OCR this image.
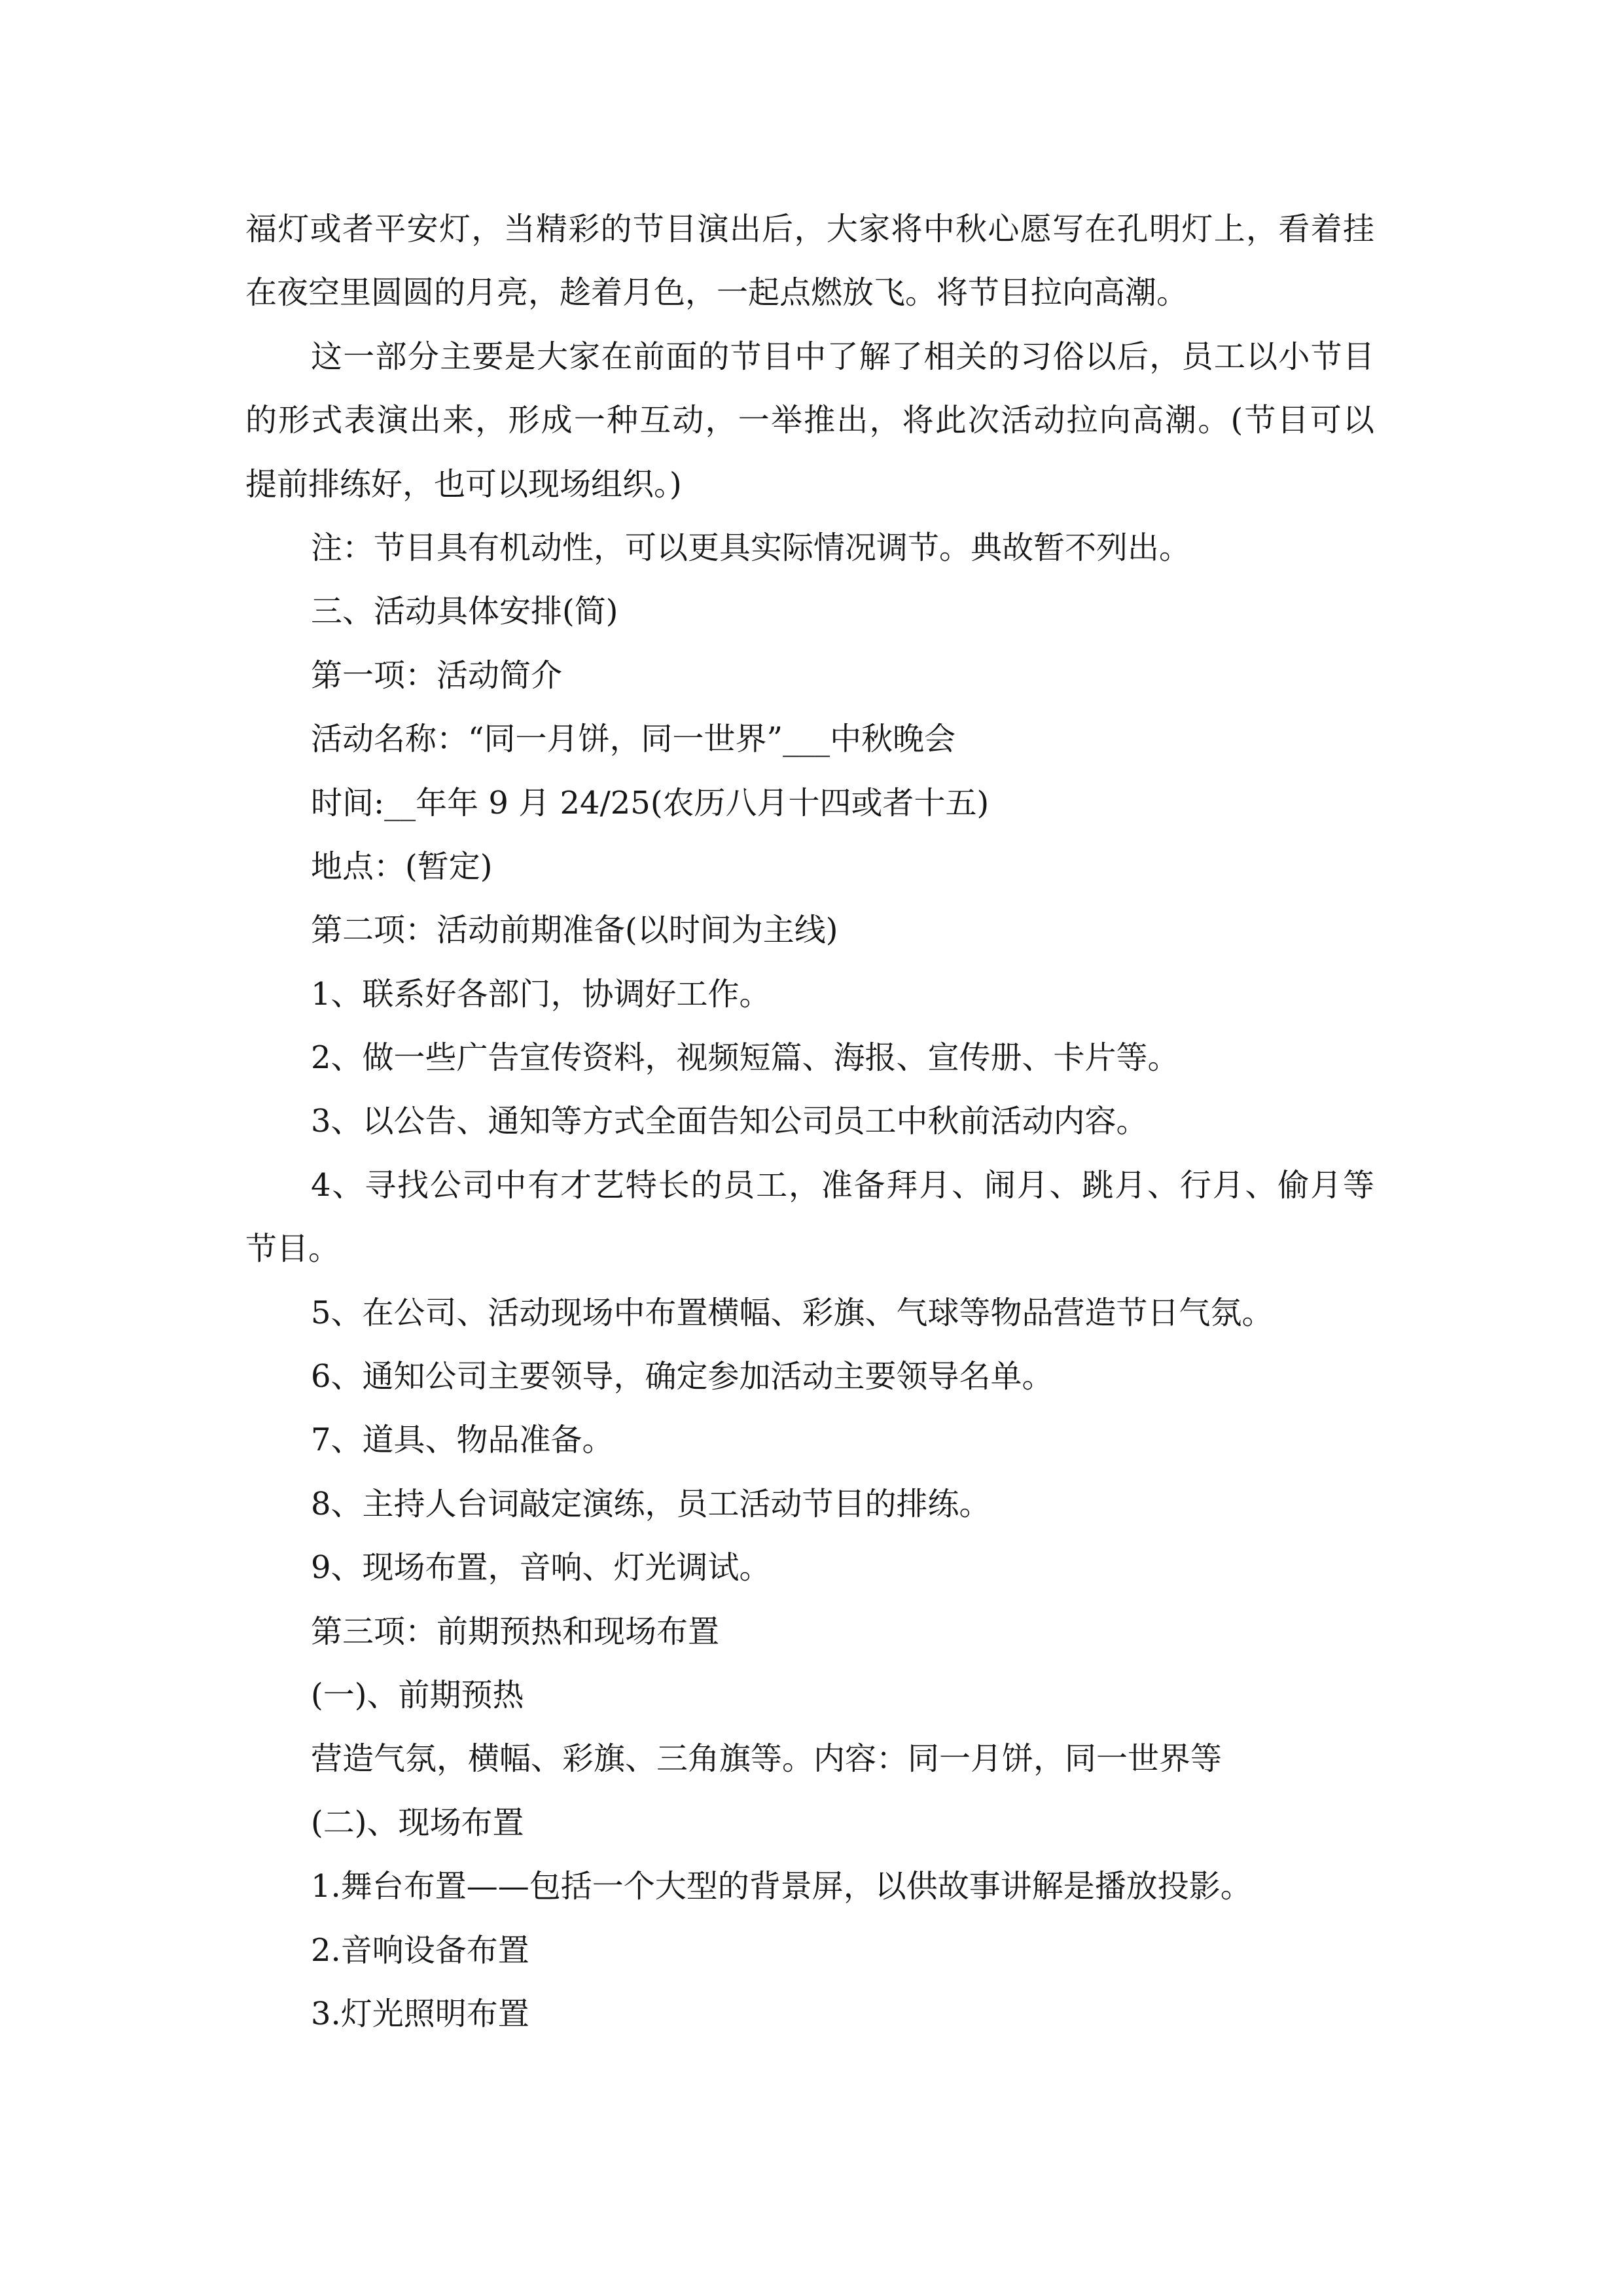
福灯或者平安灯，当精彩的节目演出后，大家将中秋心愿写在孔明灯上，看着挂
在夜空里圆圆的月亮，趁着月色，一起点燃放飞。将节目拉向高潮。
这一部分主要是大家在前面的节目中了解了相关的习俗以后，员工以小节目
的形式表演出来，形成一种互动，一举推出，将此次活动拉向高潮。(节目可以
提前排练好，也可以现场组织。)
注：节目具有机动性，可以更具实际情况调节。典故暂不列出。
三、活动具体安排(简)
第一项：活动简介
活动名称：“同一月饼，同一世界”___中秋晚会
时间:__年年 9 月 24/25(农历八月十四或者十五)
地点：(暂定)
第二项：活动前期准备(以时间为主线)
1、联系好各部门，协调好工作。
2、做一些广告宣传资料，视频短篇、海报、宣传册、卡片等。
3、以公告、通知等方式全面告知公司员工中秋前活动内容。
4、寻找公司中有才艺特长的员工，准备拜月、闹月、跳月、行月、偷月等
节目。
5、在公司、活动现场中布置横幅、彩旗、气球等物品营造节日气氛。
6、通知公司主要领导，确定参加活动主要领导名单。
7、道具、物品准备。
8、主持人台词敲定演练，员工活动节目的排练。
9、现场布置，音响、灯光调试。
第三项：前期预热和现场布置
(一)、前期预热
营造气氛，横幅、彩旗、三角旗等。内容：同一月饼，同一世界等
(二)、现场布置
1.舞台布置——包括一个大型的背景屏，以供故事讲解是播放投影。
2.音响设备布置
3.灯光照明布置
